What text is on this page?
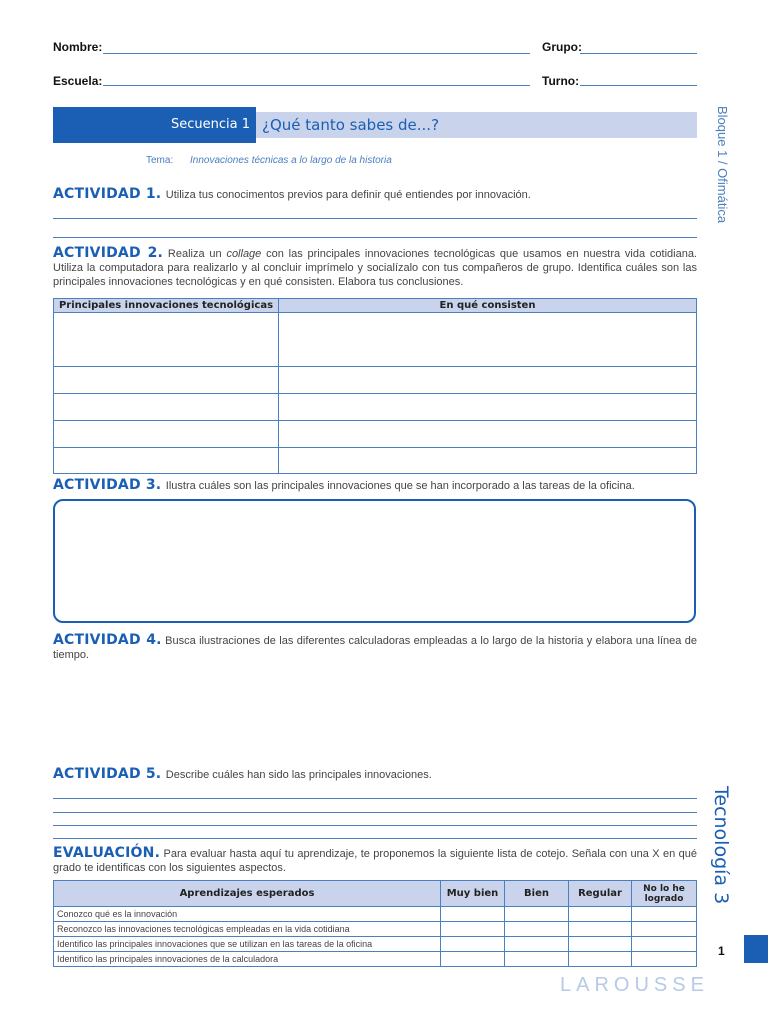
Nombre:	Grupo:
Escuela:	Turno:
Secuencia 1 ¿Qué tanto sabes de...?
Tema: Innovaciones técnicas a lo largo de la historia	Bloque 1 / Ofimática
Tecnología 3
1
LAROUSSE
ACTIVIDAD 1. Utiliza tus conocimentos previos para definir qué entiendes por innovación.
ACTIVIDAD 2. Realiza un collage con las principales innovaciones tecnológicas que usamos en nuestra vida cotidiana. Utiliza la computadora para realizarlo y al concluir imprímelo y socialízalo con tus compañeros de grupo. Identifica cuáles son las principales innovaciones tecnológicas y en qué consisten. Elabora tus conclusiones.
Principales innovaciones tecnológicas	En qué consisten

ACTIVIDAD 3. Ilustra cuáles son las principales innovaciones que se han incorporado a las tareas de la oficina.
ACTIVIDAD 4. Busca ilustraciones de las diferentes calculadoras empleadas a lo largo de la historia y elabora una línea de tiempo.
ACTIVIDAD 5. Describe cuáles han sido las principales innovaciones.
EVALUACIÓN. Para evaluar hasta aquí tu aprendizaje, te proponemos la siguiente lista de cotejo. Señala con una X en qué grado te identificas con los siguientes aspectos.
Aprendizajes esperados	Muy bien	Bien	Regular	No lo he logrado
Conozco qué es la innovación				
Reconozco las innovaciones tecnológicas empleadas en la vida cotidiana				
Identifico las principales innovaciones que se utilizan en las tareas de la oficina				
Identifico las principales innovaciones de la calculadora				
